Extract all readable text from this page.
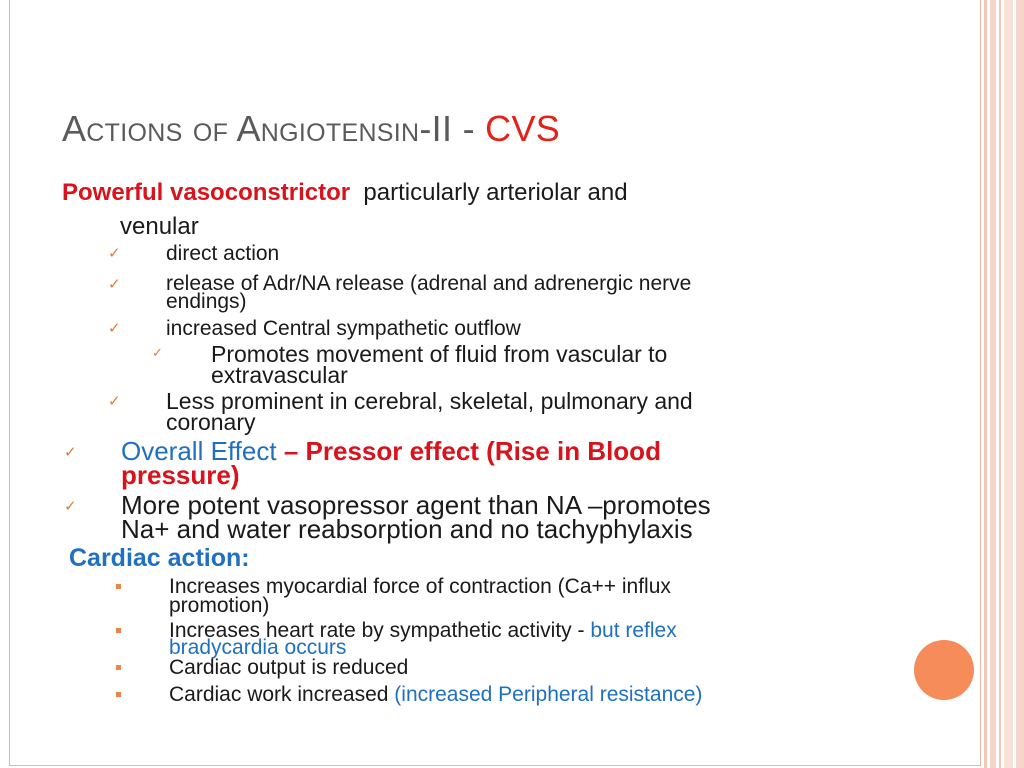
Actions of Angiotensin-II - CVS
Powerful vasoconstrictor particularly arteriolar and
venular
✓ direct action
✓ release of Adr/NA release (adrenal and adrenergic nerve
endings)
✓ increased Central sympathetic outflow
✓ Promotes movement of fluid from vascular to
extravascular
✓ Less prominent in cerebral, skeletal, pulmonary and
coronary
✓ Overall Effect – Pressor effect (Rise in Blood
pressure)
✓ More potent vasopressor agent than NA –promotes
Na+ and water reabsorption and no tachyphylaxis
Cardiac action:
Increases myocardial force of contraction (Ca++ influx
promotion)
Increases heart rate by sympathetic activity - but reflex
bradycardia occurs
Cardiac output is reduced
Cardiac work increased (increased Peripheral resistance)
